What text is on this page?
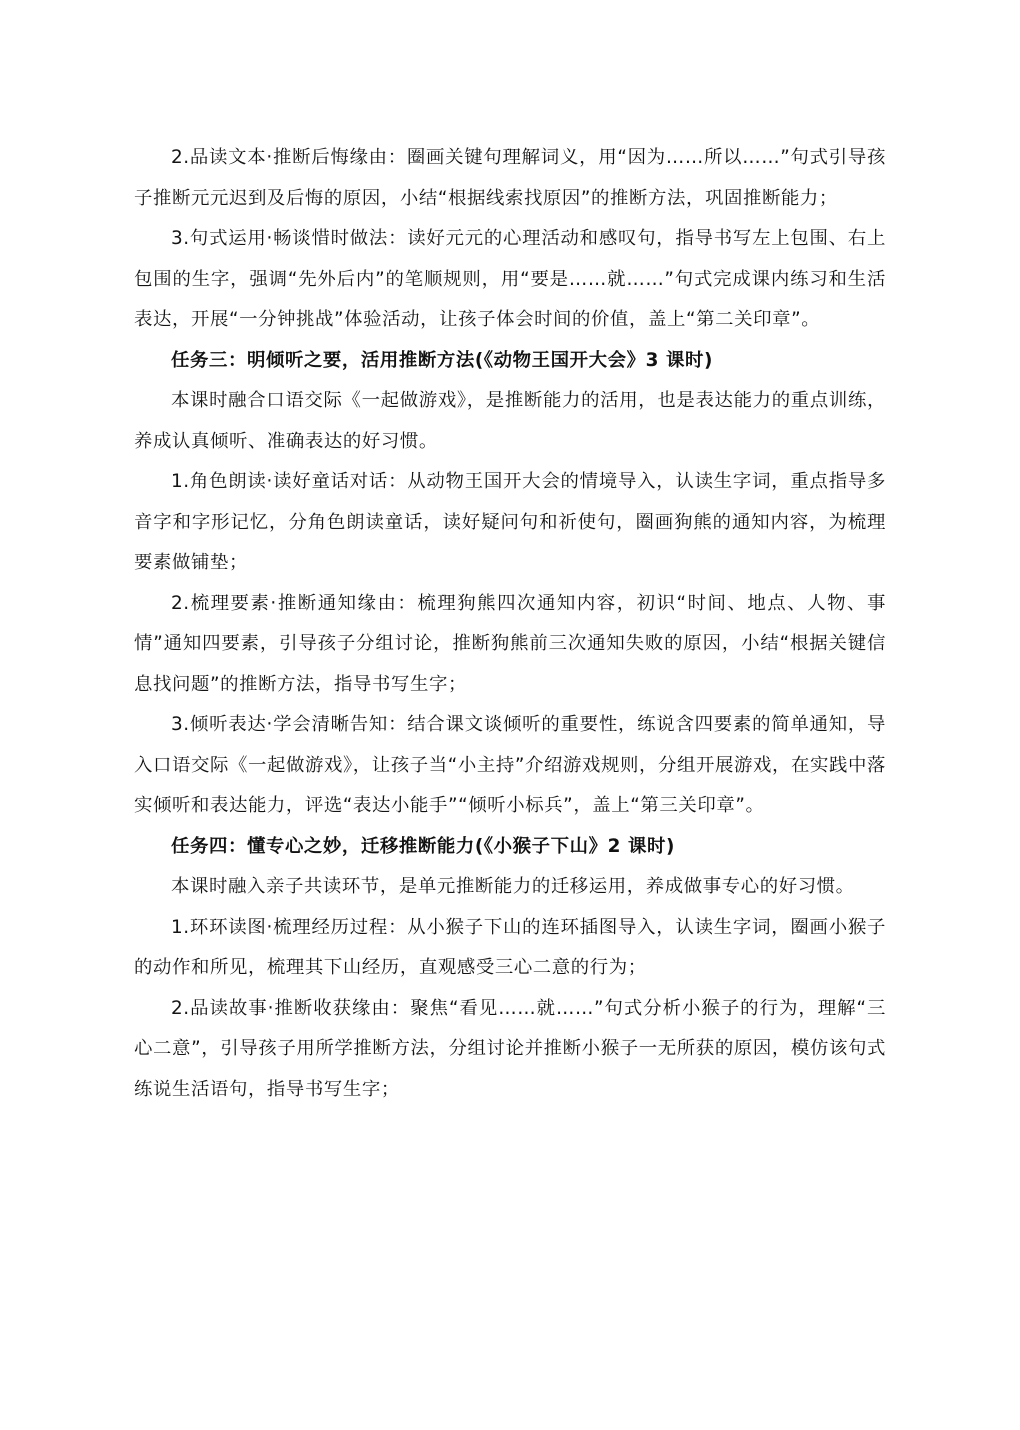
2.品读文本·推断后悔缘由：圈画关键句理解词义，用“因为……所以……”句式引导孩子推断元元迟到及后悔的原因，小结“根据线索找原因”的推断方法，巩固推断能力；

3.句式运用·畅谈惜时做法：读好元元的心理活动和感叹句，指导书写左上包围、右上包围的生字，强调“先外后内”的笔顺规则，用“要是……就……”句式完成课内练习和生活表达，开展“一分钟挑战”体验活动，让孩子体会时间的价值，盖上“第二关印章”。

任务三：明倾听之要，活用推断方法(《动物王国开大会》3 课时)

本课时融合口语交际《一起做游戏》，是推断能力的活用，也是表达能力的重点训练，养成认真倾听、准确表达的好习惯。

1.角色朗读·读好童话对话：从动物王国开大会的情境导入，认读生字词，重点指导多音字和字形记忆，分角色朗读童话，读好疑问句和祈使句，圈画狗熊的通知内容，为梳理要素做铺垫；

2.梳理要素·推断通知缘由：梳理狗熊四次通知内容，初识“时间、地点、人物、事情”通知四要素，引导孩子分组讨论，推断狗熊前三次通知失败的原因，小结“根据关键信息找问题”的推断方法，指导书写生字；

3.倾听表达·学会清晰告知：结合课文谈倾听的重要性，练说含四要素的简单通知，导入口语交际《一起做游戏》，让孩子当“小主持”介绍游戏规则，分组开展游戏，在实践中落实倾听和表达能力，评选“表达小能手”“倾听小标兵”，盖上“第三关印章”。

任务四：懂专心之妙，迁移推断能力(《小猴子下山》2 课时)

本课时融入亲子共读环节，是单元推断能力的迁移运用，养成做事专心的好习惯。

1.环环读图·梳理经历过程：从小猴子下山的连环插图导入，认读生字词，圈画小猴子的动作和所见，梳理其下山经历，直观感受三心二意的行为；

2.品读故事·推断收获缘由：聚焦“看见……就……”句式分析小猴子的行为，理解“三心二意”，引导孩子用所学推断方法，分组讨论并推断小猴子一无所获的原因，模仿该句式练说生活语句，指导书写生字；
